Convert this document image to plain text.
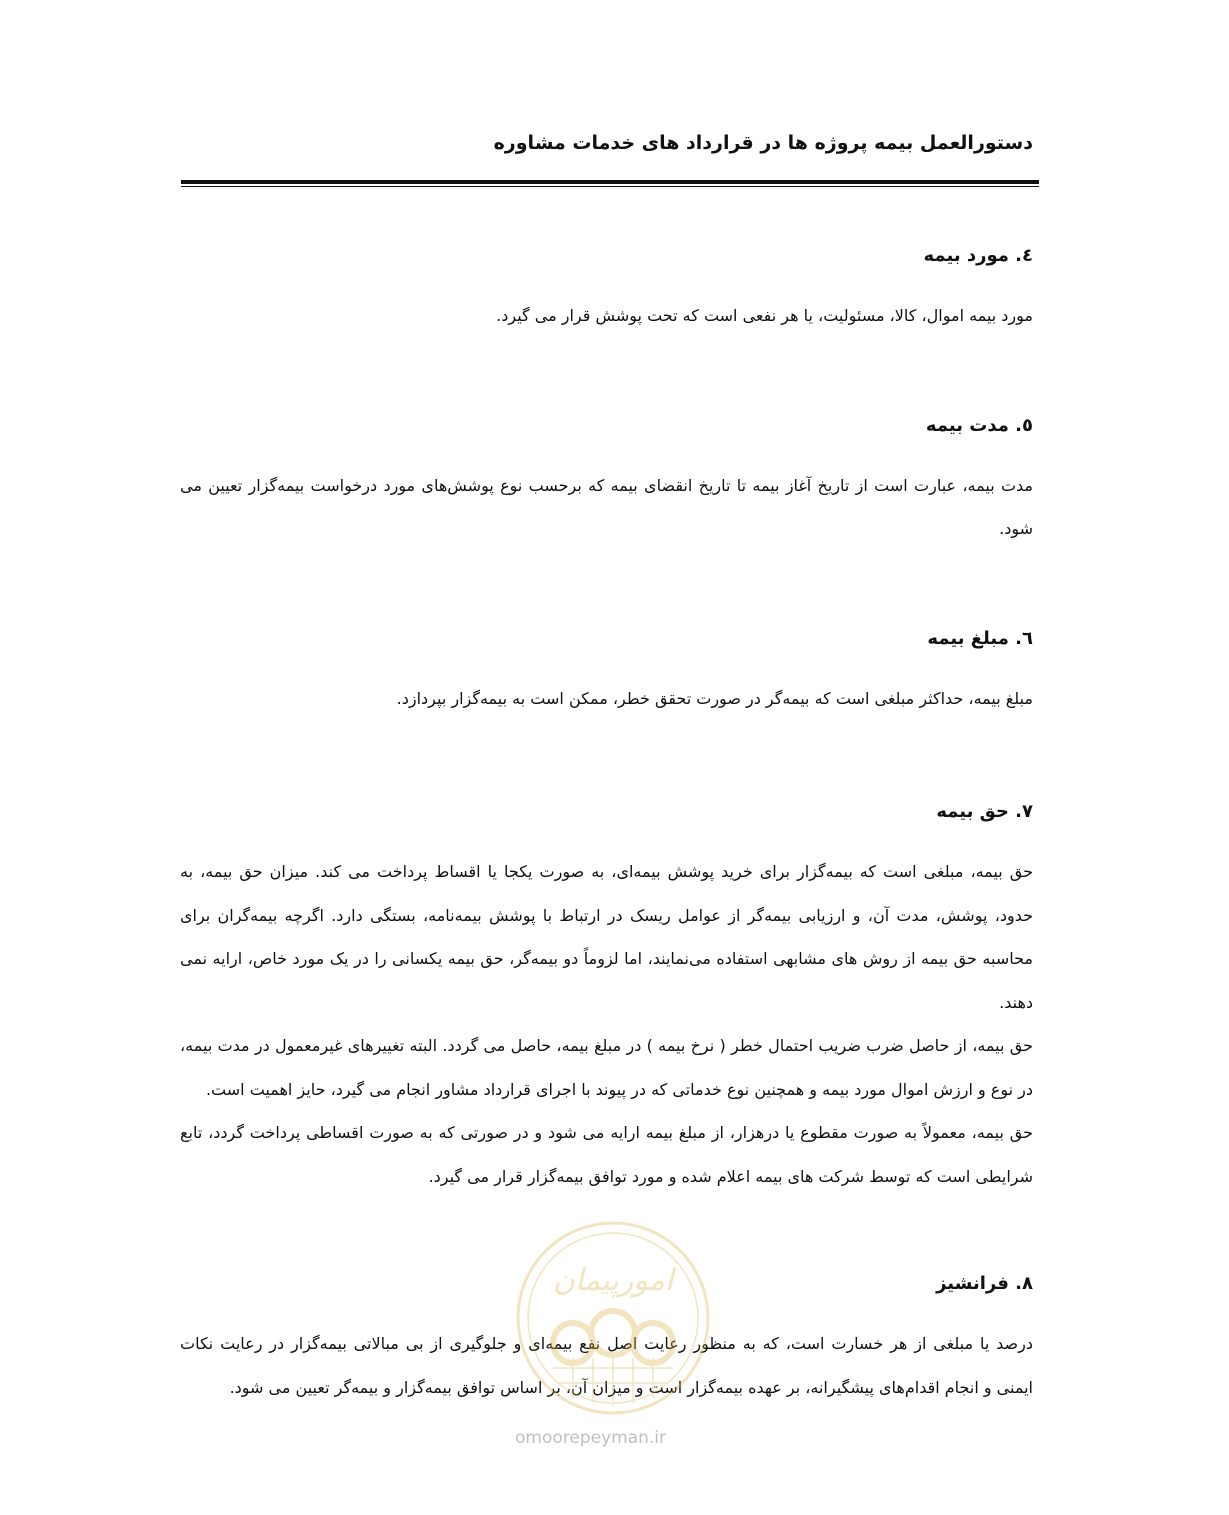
دستورالعمل بیمه پروژه ها در قرارداد های خدمات مشاوره
٤. مورد بیمه

مورد بیمه اموال، کالا، مسئولیت، یا هر نفعی است که تحت پوشش قرار می گیرد.

٥. مدت بیمه

مدت بیمه، عبارت است از تاریخ آغاز بیمه تا تاریخ انقضای بیمه که برحسب نوع پوشش‌های مورد درخواست بیمه‌گزار تعیین می شود.

٦. مبلغ بیمه

مبلغ بیمه، حداکثر مبلغی است که بیمه‌گر در صورت تحقق خطر، ممکن است به بیمه‌گزار بپردازد.

٧. حق بیمه

حق بیمه، مبلغی است که بیمه‌گزار برای خرید پوشش بیمه‌ای، به صورت یکجا یا اقساط پرداخت می کند. میزان حق بیمه، به حدود، پوشش، مدت آن، و ارزیابی بیمه‌گر از عوامل ریسک در ارتباط با پوشش بیمه‌نامه، بستگی دارد. اگرچه بیمه‌گران برای محاسبه حق بیمه از روش های مشابهی استفاده می‌نمایند، اما لزوماً دو بیمه‌گر، حق بیمه یکسانی را در یک مورد خاص، ارایه نمی دهند.

حق بیمه، از حاصل ضرب ضریب احتمال خطر ( نرخ بیمه ) در مبلغ بیمه، حاصل می گردد. البته تغییرهای غیرمعمول در مدت بیمه، در نوع و ارزش اموال مورد بیمه و همچنین نوع خدماتی که در پیوند با اجرای قرارداد مشاور انجام می گیرد، حایز اهمیت است.

حق بیمه، معمولاً به صورت مقطوع یا درهزار، از مبلغ بیمه ارایه می شود و در صورتی که به صورت اقساطی پرداخت گردد، تابع شرایطی است که توسط شرکت های بیمه اعلام شده و مورد توافق بیمه‌گزار قرار می گیرد.

٨. فرانشیز

درصد یا مبلغی از هر خسارت است، که به منظور رعایت اصل نفع بیمه‌ای و جلوگیری از بی مبالاتی بیمه‌گزار در رعایت نکات ایمنی و انجام اقدام‌های پیشگیرانه، بر عهده بیمه‌گزار است و میزان آن، بر اساس توافق بیمه‌گزار و بیمه‌گر تعیین می شود.

امورپیمان
omoorepeyman.ir
